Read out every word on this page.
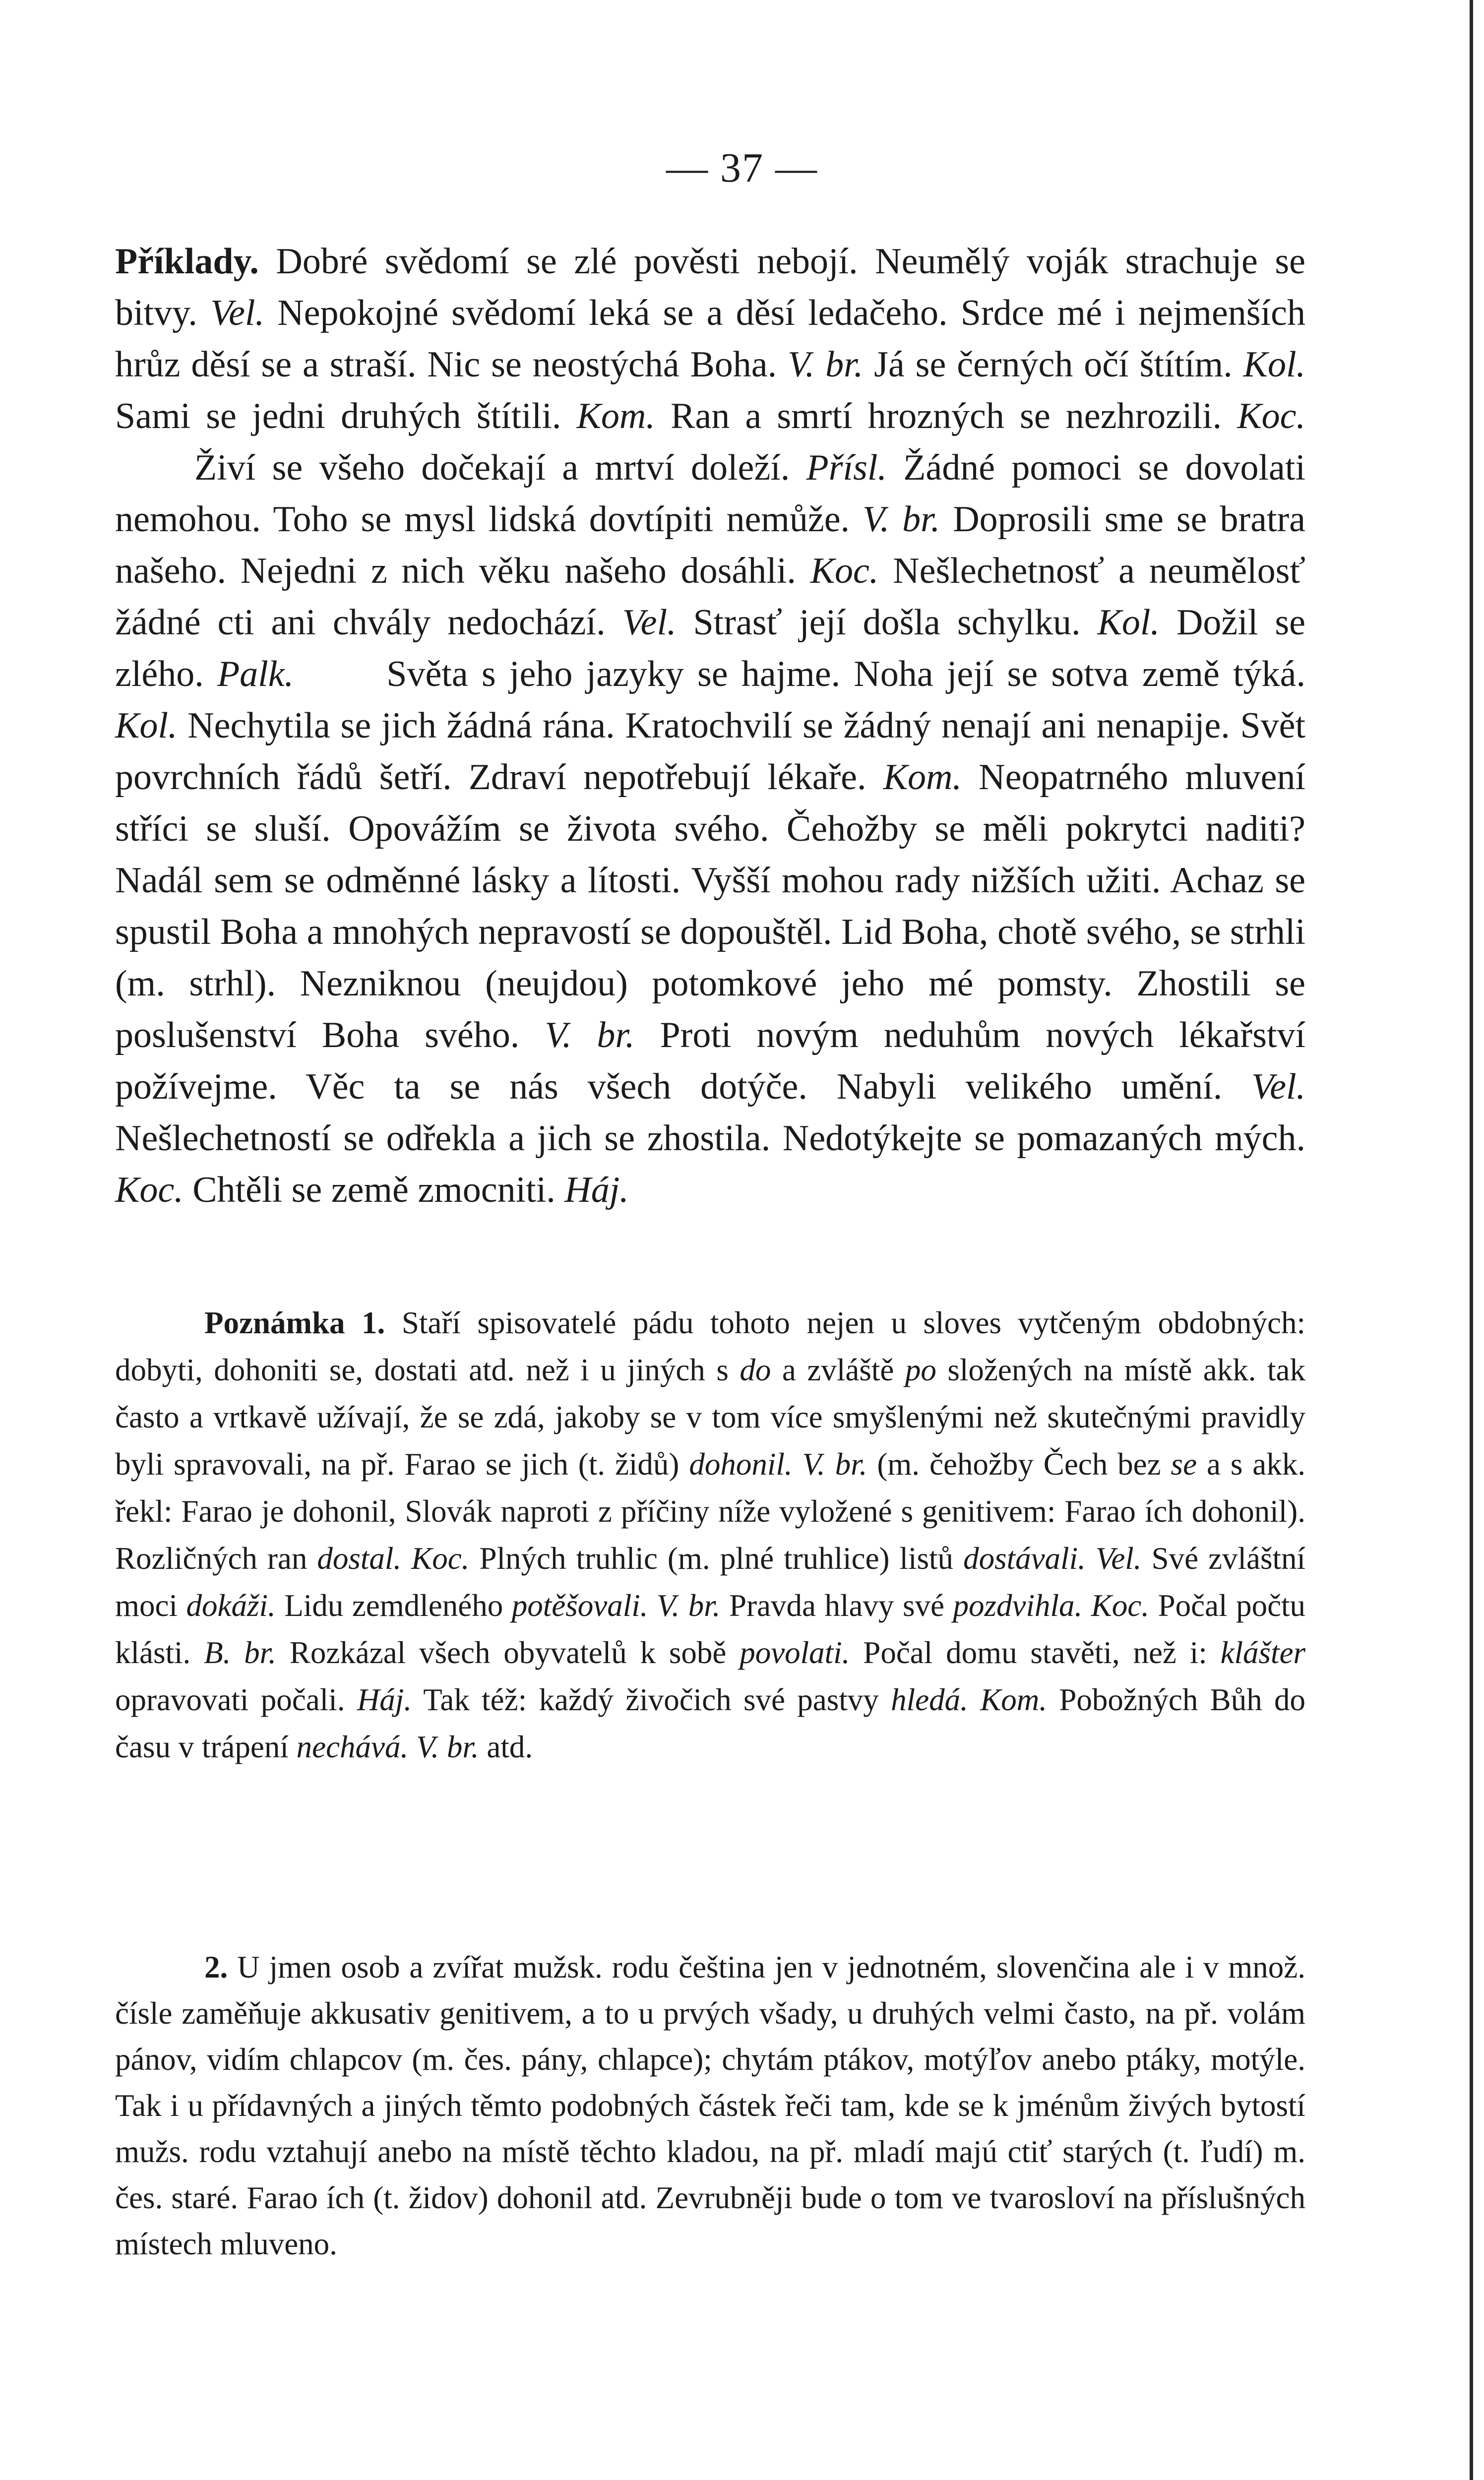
— 37 —

Příklady. Dobré svědomí se zlé pověsti nebojí. Neumělý voják strachuje se bitvy. Vel. Nepokojné svědomí leká se a děsí ledačeho. Srdce mé i nejmenších hrůz děsí se a straší. Nic se neostýchá Boha. V. br. Já se černých očí štítím. Kol. Sami se jedni druhých štítili. Kom. Ran a smrtí hrozných se nezhrozili. Koc. Živí se všeho dočekají a mrtví doleží. Přísl. Žádné pomoci se dovolati nemohou. Toho se mysl lidská dovtípiti nemůže. V. br. Doprosili sme se bratra našeho. Nejedni z nich věku našeho dosáhli. Koc. Nešlechetnosť a neumělosť žádné cti ani chvály nedochází. Vel. Strasť její došla schylku. Kol. Dožil se zlého. Palk.	Světa s jeho jazyky se hajme. Noha její se sotva země týká. Kol. Nechytila se jich žádná rána. Kratochvilí se žádný nenají ani nenapije. Svět povrchních řádů šetří. Zdraví nepotřebují lékaře. Kom. Neopatrného mluvení stříci se sluší. Opovážím se života svého. Čehožby se měli pokrytci naditi? Nadál sem se odměnné lásky a lítosti. Vyšší mohou rady nižších užiti. Achaz se spustil Boha a mnohých nepravostí se dopouštěl. Lid Boha, chotě svého, se strhli (m. strhl). Nezniknou (neujdou) potomkové jeho mé pomsty. Zhostili se poslušenství Boha svého. V. br. Proti novým neduhům nových lékařství požívejme. Věc ta se nás všech dotýče. Nabyli velikého umění. Vel. Nešlechetností se odřekla a jich se zhostila. Nedotýkejte se pomazaných mých. Koc. Chtěli se země zmocniti. Háj.

Poznámka 1. Staří spisovatelé pádu tohoto nejen u sloves vytčeným obdobných: dobyti, dohoniti se, dostati atd. než i u jiných s do a zvláště po složených na místě akk. tak často a vrtkavě užívají, že se zdá, jakoby se v tom více smyšlenými než skutečnými pravidly byli spravovali, na př. Farao se jich (t. židů) dohonil. V. br. (m. čehožby Čech bez se a s akk. řekl: Farao je dohonil, Slovák naproti z příčiny níže vyložené s genitivem: Farao ích dohonil). Rozličných ran dostal. Koc. Plných truhlic (m. plné truhlice) listů dostávali. Vel. Své zvláštní moci dokáži. Lidu zemdleného potěšovali. V. br. Pravda hlavy své pozdvihla. Koc. Počal počtu klásti. B. br. Rozkázal všech obyvatelů k sobě povolati. Počal domu stavěti, než i: klášter opravovati počali. Háj. Tak též: každý živočich své pastvy hledá. Kom. Pobožných Bůh do času v trápení nechává. V. br. atd.

2. U jmen osob a zvířat mužsk. rodu čeština jen v jednotném, slovenčina ale i v množ. čísle zaměňuje akkusativ genitivem, a to u prvých všady, u druhých velmi často, na př. volám pánov, vidím chlapcov (m. čes. pány, chlapce); chytám ptákov, motýľov anebo ptáky, motýle. Tak i u přídavných a jiných těmto podobných částek řeči tam, kde se k jménům živých bytostí mužs. rodu vztahují anebo na místě těchto kladou, na př. mladí majú ctiť starých (t. ľudí) m. čes. staré. Farao ích (t. židov) dohonil atd. Zevrubněji bude o tom ve tvarosloví na příslušných místech mluveno.
